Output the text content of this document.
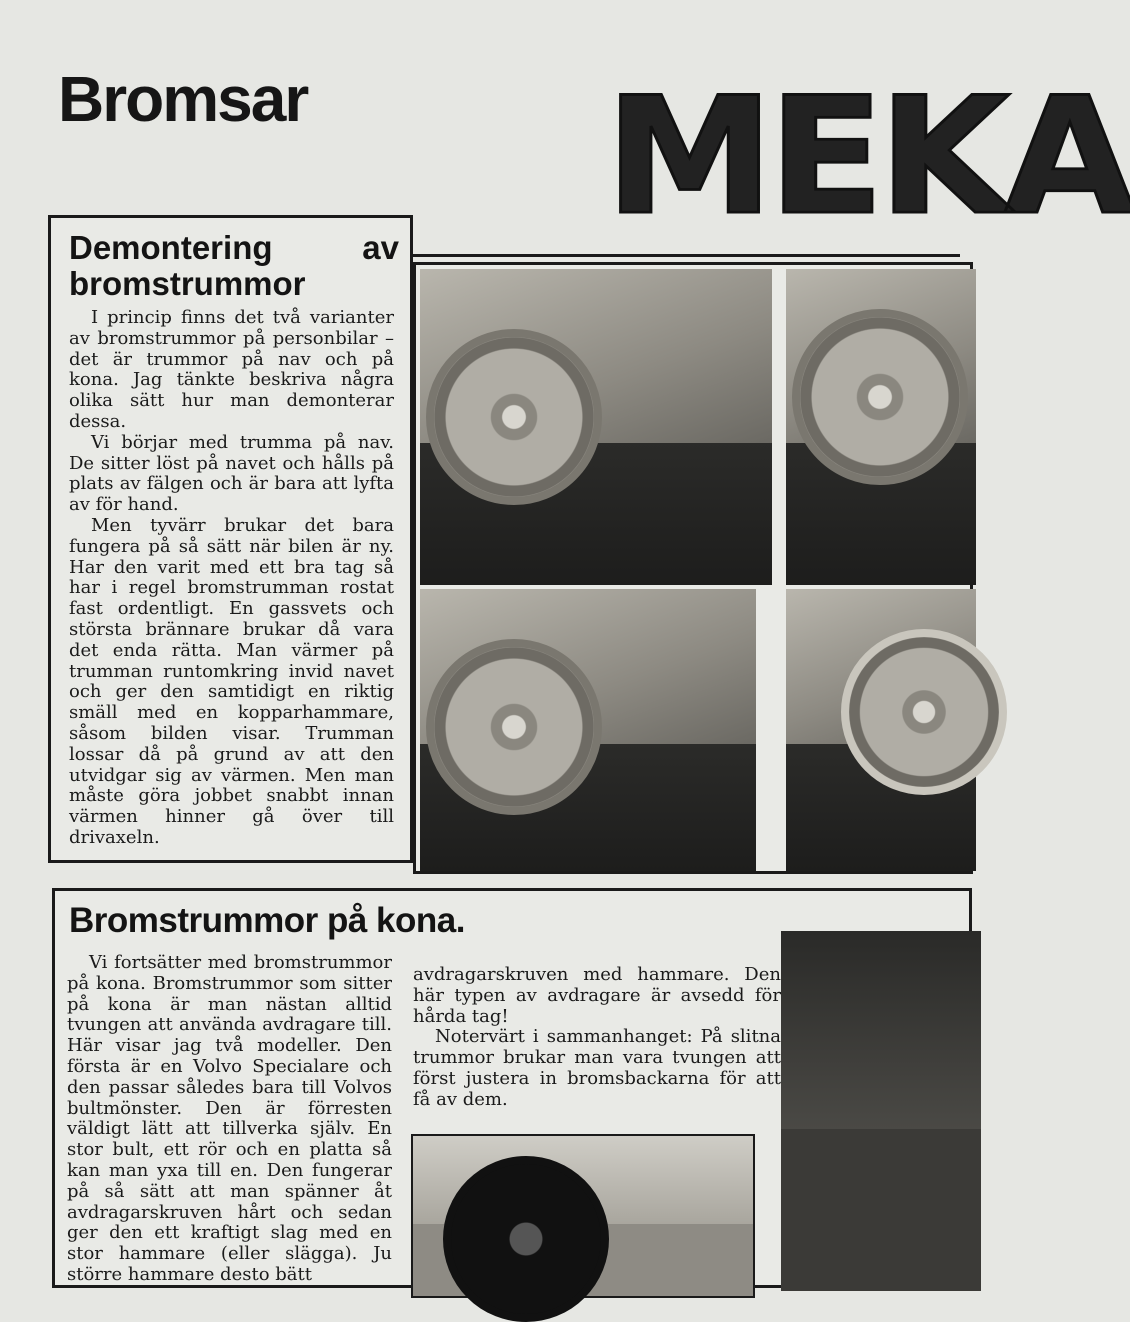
Bromsar MEKA
Demontering av
bromstrummor

I princip finns det två varianter av bromstrummor på personbilar – det är trummor på nav och på kona. Jag tänkte beskriva några olika sätt hur man demonterar dessa.

Vi börjar med trumma på nav. De sitter löst på navet och hålls på plats av fälgen och är bara att lyfta av för hand.

Men tyvärr brukar det bara fungera på så sätt när bilen är ny. Har den varit med ett bra tag så har i regel bromstrumman rostat fast ordentligt. En gassvets och största brännare brukar då vara det enda rätta. Man värmer på trumman runtomkring invid navet och ger den samtidigt en riktig smäll med en kopparhammare, såsom bilden visar. Trumman lossar då på grund av att den utvidgar sig av värmen. Men man måste göra jobbet snabbt innan värmen hinner gå över till drivaxeln.

Bromstrummor på kona.

Vi fortsätter med bromstrummor på kona. Bromstrummor som sitter på kona är man nästan alltid tvungen att använda avdragare till. Här visar jag två modeller. Den första är en Volvo Specialare och den passar således bara till Volvos bultmönster. Den är förresten väldigt lätt att tillverka själv. En stor bult, ett rör och en platta så kan man yxa till en. Den fungerar på så sätt att man spänner åt avdragarskruven hårt och sedan ger den ett kraftigt slag med en stor hammare (eller slägga). Ju större hammare desto bätt

avdragarskruven med hammare. Den här typen av avdragare är avsedd för hårda tag!

Notervärt i sammanhanget: På slitna trummor brukar man vara tvungen att först justera in bromsbackarna för att få av dem.
